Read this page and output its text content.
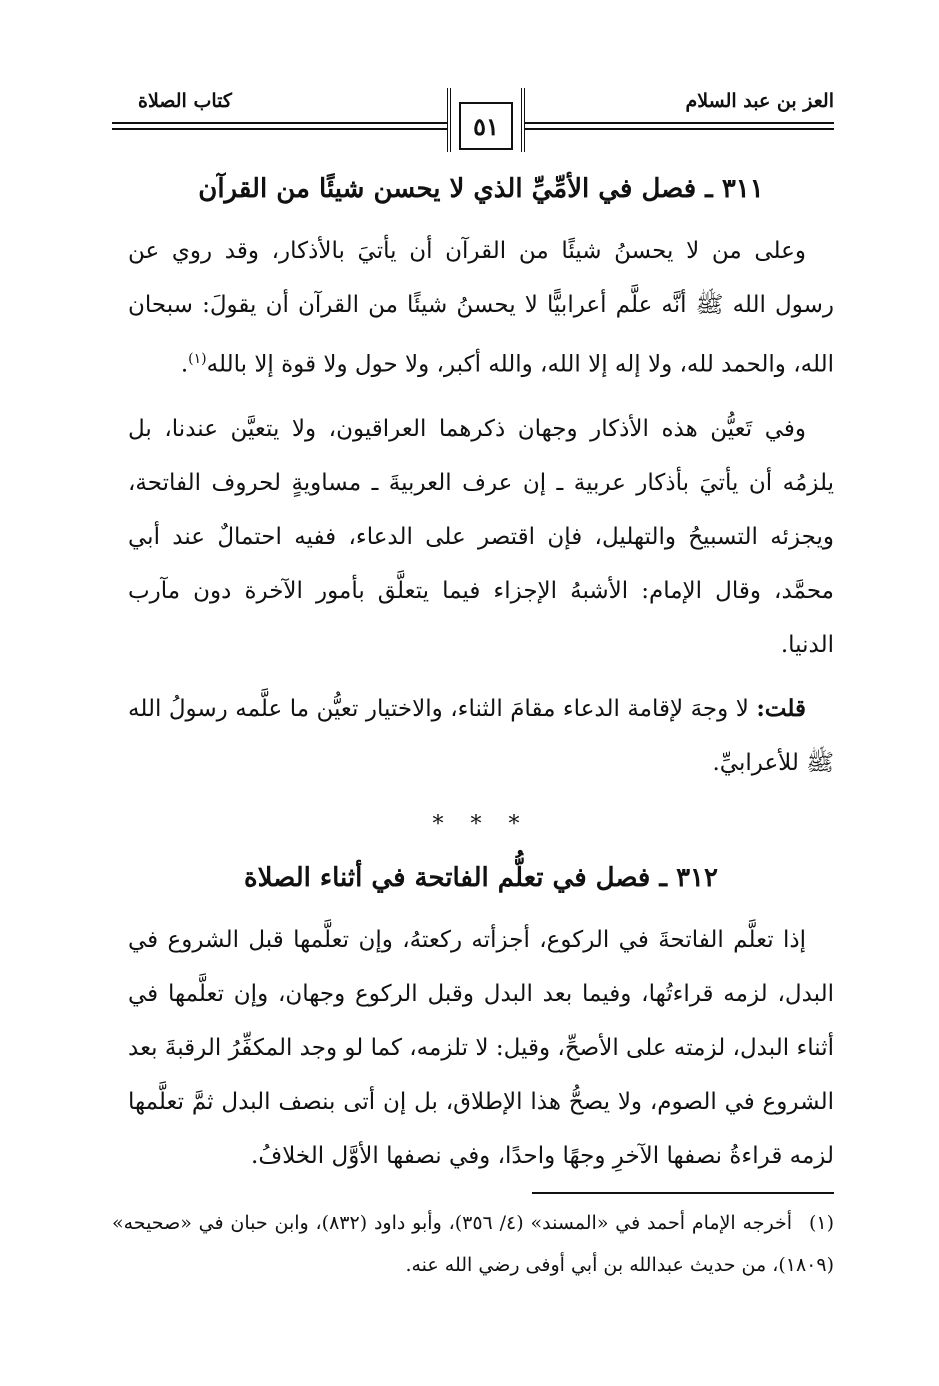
العز بن عبد السلام
كتاب الصلاة
٥١
٣١١ ـ فصل في الأمِّيِّ الذي لا يحسن شيئًا من القرآن

وعلى من لا يحسنُ شيئًا من القرآن أن يأتيَ بالأذكار، وقد روي عن رسول الله ﷺ أنَّه علَّم أعرابيًّا لا يحسنُ شيئًا من القرآن أن يقولَ: سبحان الله، والحمد لله، ولا إله إلا الله، والله أكبر، ولا حول ولا قوة إلا بالله$^{(١)}$.

وفي تَعيُّن هذه الأذكار وجهان ذكرهما العراقيون، ولا يتعيَّن عندنا، بل يلزمُه أن يأتيَ بأذكار عربية ـ إن عرف العربيةَ ـ مساويةٍ لحروف الفاتحة، ويجزئه التسبيحُ والتهليل، فإن اقتصر على الدعاء، ففيه احتمالٌ عند أبي محمَّد، وقال الإمام: الأشبهُ الإجزاء فيما يتعلَّق بأمور الآخرة دون مآرب الدنيا.

قلت: لا وجهَ لإقامة الدعاء مقامَ الثناء، والاختيار تعيُّن ما علَّمه رسولُ الله ﷺ للأعرابيِّ.

* * *
٣١٢ ـ فصل في تعلُّم الفاتحة في أثناء الصلاة

إذا تعلَّم الفاتحةَ في الركوع، أجزأته ركعتهُ، وإن تعلَّمها قبل الشروع في البدل، لزمه قراءتُها، وفيما بعد البدل وقبل الركوع وجهان، وإن تعلَّمها في أثناء البدل، لزمته على الأصحِّ، وقيل: لا تلزمه، كما لو وجد المكفِّرُ الرقبةَ بعد الشروع في الصوم، ولا يصحُّ هذا الإطلاق، بل إن أتى بنصف البدل ثمَّ تعلَّمها لزمه قراءةُ نصفها الآخرِ وجهًا واحدًا، وفي نصفها الأوَّل الخلافُ.

(١)أخرجه الإمام أحمد في «المسند» (٤/ ٣٥٦)، وأبو داود (٨٣٢)، وابن حبان في «صحيحه» (١٨٠٩)، من حديث عبدالله بن أبي أوفى رضي الله عنه.
